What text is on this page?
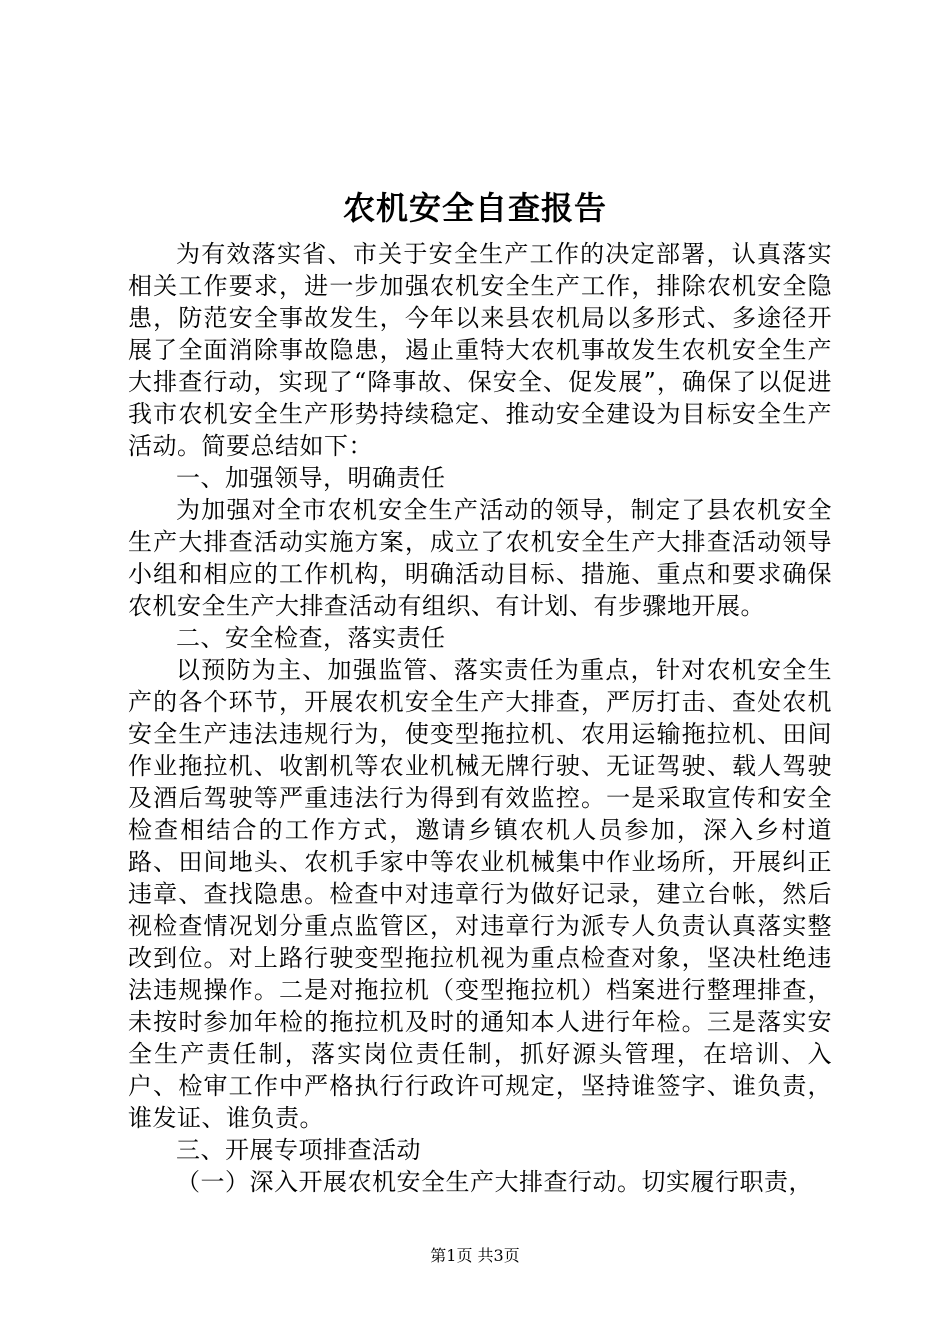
农机安全自查报告

为有效落实省、市关于安全生产工作的决定部署，认真落实相关工作要求，进一步加强农机安全生产工作，排除农机安全隐患，防范安全事故发生，今年以来县农机局以多形式、多途径开展了全面消除事故隐患，遏止重特大农机事故发生农机安全生产大排查行动，实现了“降事故、保安全、促发展”，确保了以促进我市农机安全生产形势持续稳定、推动安全建设为目标安全生产活动。简要总结如下：

一、加强领导，明确责任

为加强对全市农机安全生产活动的领导，制定了县农机安全生产大排查活动实施方案，成立了农机安全生产大排查活动领导小组和相应的工作机构，明确活动目标、措施、重点和要求确保农机安全生产大排查活动有组织、有计划、有步骤地开展。

二、安全检查，落实责任

以预防为主、加强监管、落实责任为重点，针对农机安全生产的各个环节，开展农机安全生产大排查，严厉打击、查处农机安全生产违法违规行为，使变型拖拉机、农用运输拖拉机、田间作业拖拉机、收割机等农业机械无牌行驶、无证驾驶、载人驾驶及酒后驾驶等严重违法行为得到有效监控。一是采取宣传和安全检查相结合的工作方式，邀请乡镇农机人员参加，深入乡村道路、田间地头、农机手家中等农业机械集中作业场所，开展纠正违章、查找隐患。检查中对违章行为做好记录，建立台帐，然后视检查情况划分重点监管区，对违章行为派专人负责认真落实整改到位。对上路行驶变型拖拉机视为重点检查对象，坚决杜绝违法违规操作。二是对拖拉机（变型拖拉机）档案进行整理排查，未按时参加年检的拖拉机及时的通知本人进行年检。三是落实安全生产责任制，落实岗位责任制，抓好源头管理，在培训、入户、检审工作中严格执行行政许可规定，坚持谁签字、谁负责，谁发证、谁负责。

三、开展专项排查活动

（一）深入开展农机安全生产大排查行动。切实履行职责，

第1页 共3页
